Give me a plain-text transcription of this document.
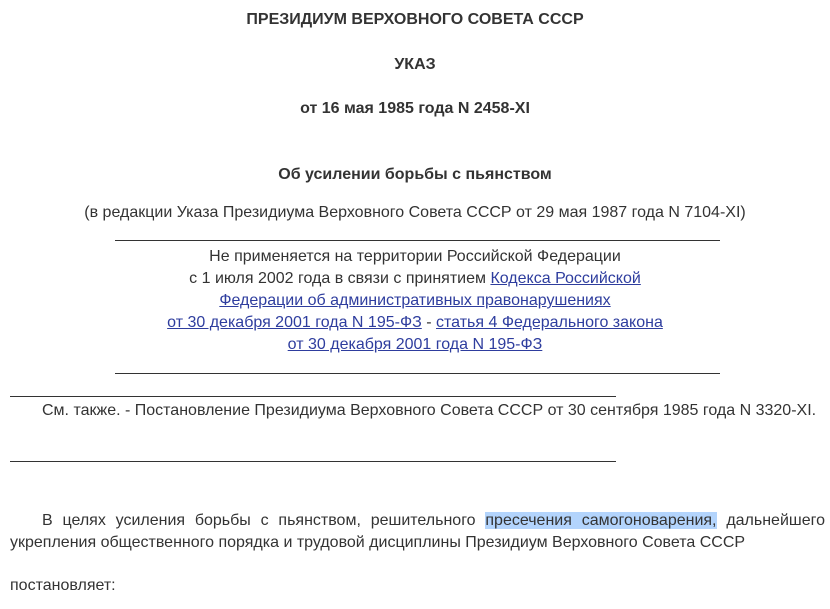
ПРЕЗИДИУМ ВЕРХОВНОГО СОВЕТА СССР
УКАЗ
от 16 мая 1985 года N 2458-XI
Об усилении борьбы с пьянством
(в редакции Указа Президиума Верховного Совета СССР от 29 мая 1987 года N 7104-XI)
Не применяется на территории Российской Федерации
с 1 июля 2002 года в связи с принятием Кодекса Российской
Федерации об административных правонарушениях
от 30 декабря 2001 года N 195-ФЗ - статья 4 Федерального закона
от 30 декабря 2001 года N 195-ФЗ
См. также. - Постановление Президиума Верховного Совета СССР от 30 сентября 1985 года N 3320-XI.
В целях усиления борьбы с пьянством, решительного пресечения самогоноварения, дальнейшего укрепления общественного порядка и трудовой дисциплины Президиум Верховного Совета СССР
постановляет:
